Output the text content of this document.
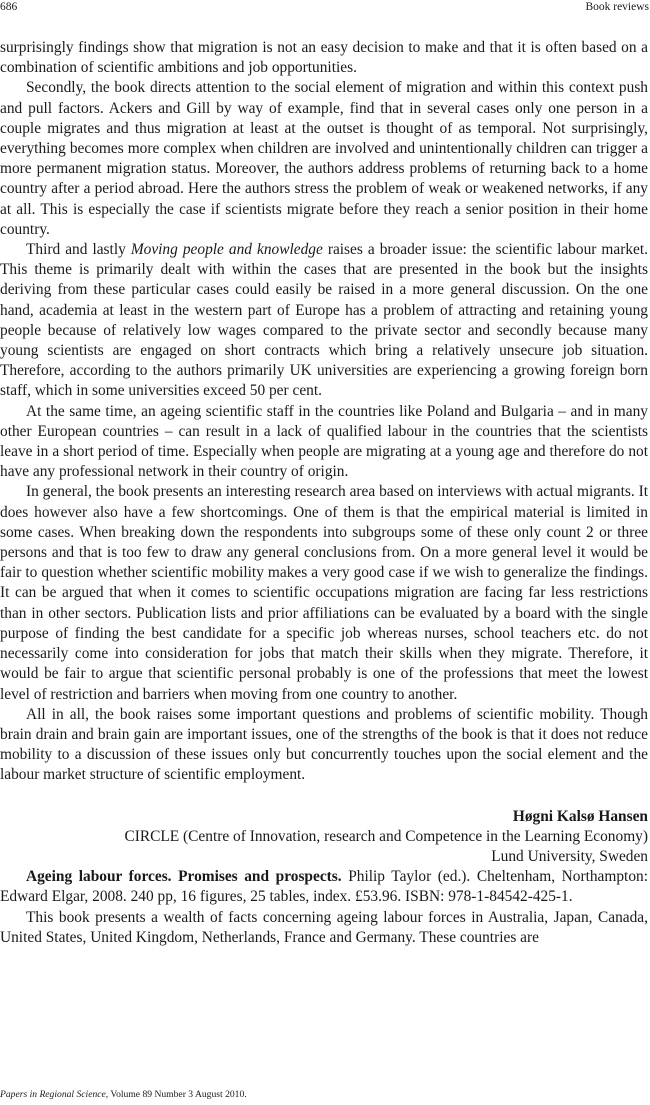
686	Book reviews

surprisingly findings show that migration is not an easy decision to make and that it is often based on a combination of scientific ambitions and job opportunities.

Secondly, the book directs attention to the social element of migration and within this context push and pull factors. Ackers and Gill by way of example, find that in several cases only one person in a couple migrates and thus migration at least at the outset is thought of as temporal. Not surprisingly, everything becomes more complex when children are involved and unintentionally children can trigger a more permanent migration status. Moreover, the authors address problems of returning back to a home country after a period abroad. Here the authors stress the problem of weak or weakened networks, if any at all. This is especially the case if scientists migrate before they reach a senior position in their home country.

Third and lastly Moving people and knowledge raises a broader issue: the scientific labour market. This theme is primarily dealt with within the cases that are presented in the book but the insights deriving from these particular cases could easily be raised in a more general discussion. On the one hand, academia at least in the western part of Europe has a problem of attracting and retaining young people because of relatively low wages compared to the private sector and secondly because many young scientists are engaged on short contracts which bring a relatively unsecure job situation. Therefore, according to the authors primarily UK universities are experiencing a growing foreign born staff, which in some universities exceed 50 per cent.

At the same time, an ageing scientific staff in the countries like Poland and Bulgaria – and in many other European countries – can result in a lack of qualified labour in the countries that the scientists leave in a short period of time. Especially when people are migrating at a young age and therefore do not have any professional network in their country of origin.

In general, the book presents an interesting research area based on interviews with actual migrants. It does however also have a few shortcomings. One of them is that the empirical material is limited in some cases. When breaking down the respondents into subgroups some of these only count 2 or three persons and that is too few to draw any general conclusions from. On a more general level it would be fair to question whether scientific mobility makes a very good case if we wish to generalize the findings. It can be argued that when it comes to scientific occupations migration are facing far less restrictions than in other sectors. Publication lists and prior affiliations can be evaluated by a board with the single purpose of finding the best candidate for a specific job whereas nurses, school teachers etc. do not necessarily come into consideration for jobs that match their skills when they migrate. Therefore, it would be fair to argue that scientific personal probably is one of the professions that meet the lowest level of restriction and barriers when moving from one country to another.

All in all, the book raises some important questions and problems of scientific mobility. Though brain drain and brain gain are important issues, one of the strengths of the book is that it does not reduce mobility to a discussion of these issues only but concurrently touches upon the social element and the labour market structure of scientific employment.

Høgni Kalsø Hansen
CIRCLE (Centre of Innovation, research and Competence in the Learning Economy)
Lund University, Sweden

Ageing labour forces. Promises and prospects. Philip Taylor (ed.). Cheltenham, Northampton: Edward Elgar, 2008. 240 pp, 16 figures, 25 tables, index. £53.96. ISBN: 978-1-84542-425-1.

This book presents a wealth of facts concerning ageing labour forces in Australia, Japan, Canada, United States, United Kingdom, Netherlands, France and Germany. These countries are

Papers in Regional Science, Volume 89 Number 3 August 2010.
